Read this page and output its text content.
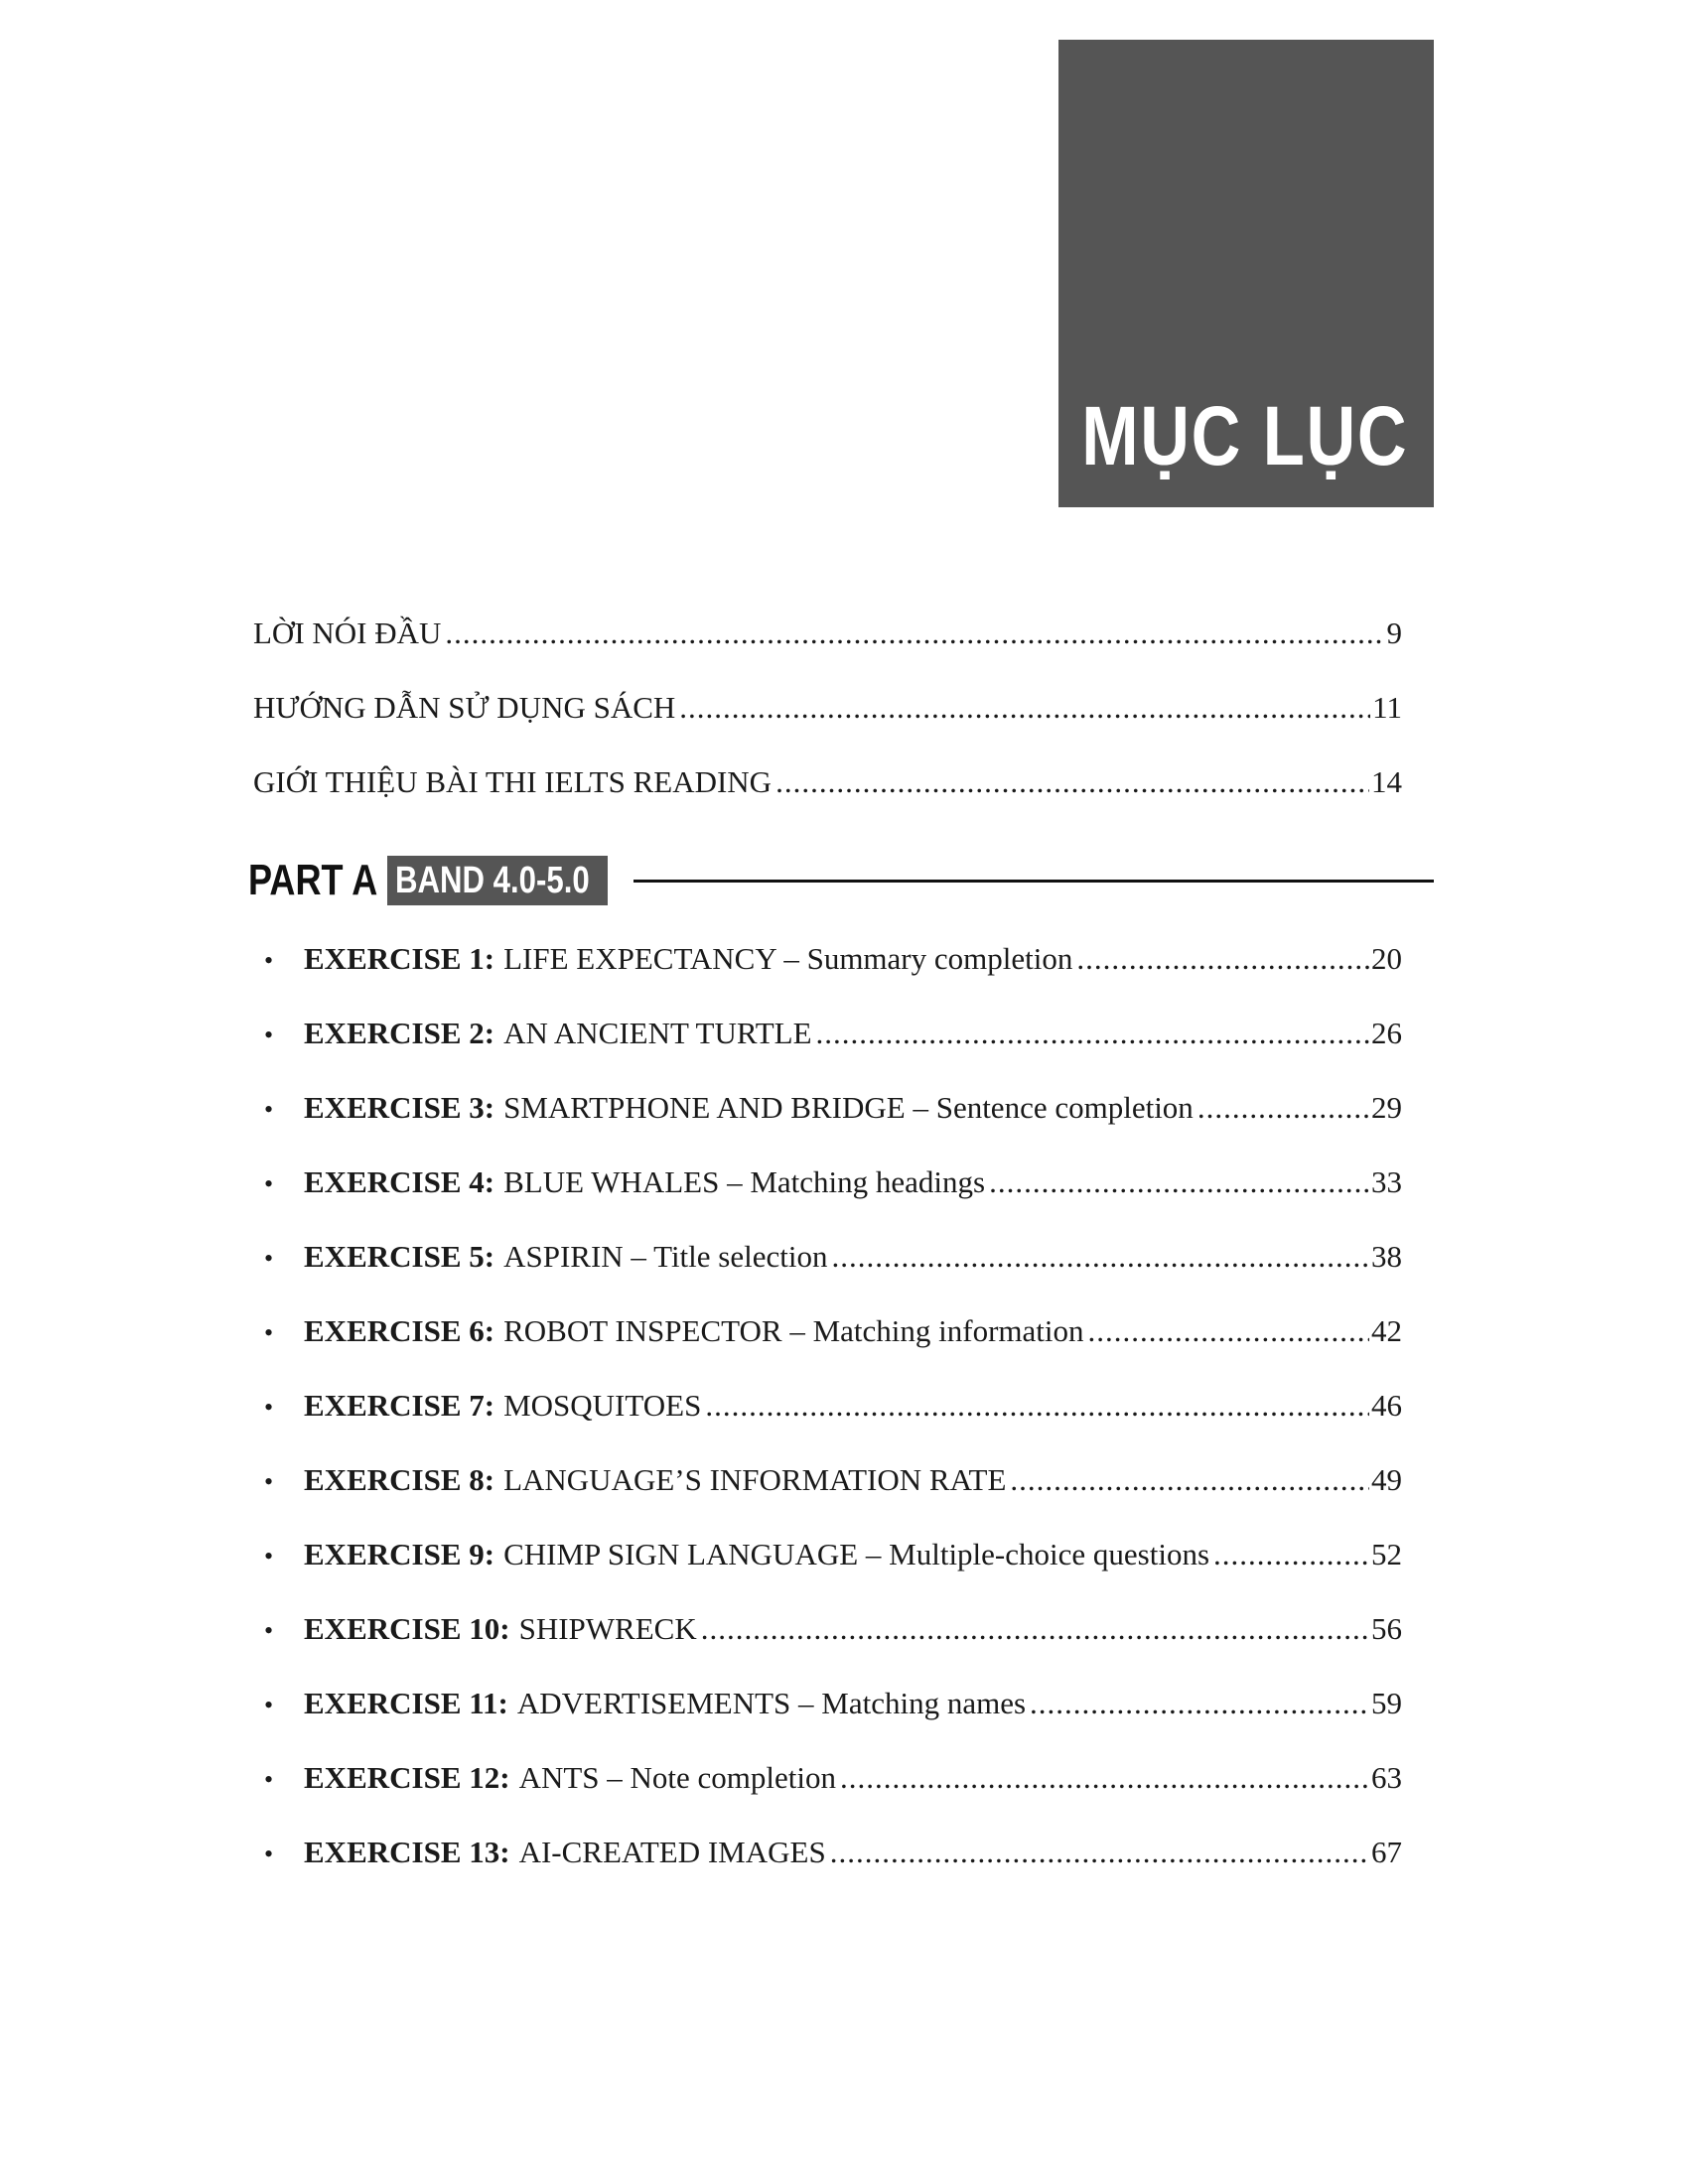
MỤC LỤC
LỜI NÓI ĐẦU .....	9
HƯỚNG DẪN SỬ DỤNG SÁCH .....	11
GIỚI THIỆU BÀI THI IELTS READING .....	14
PART A BAND 4.0-5.0
• EXERCISE 1: LIFE EXPECTANCY – Summary completion .....	20
• EXERCISE 2: AN ANCIENT TURTLE .....	26
• EXERCISE 3: SMARTPHONE AND BRIDGE – Sentence completion .....	29
• EXERCISE 4: BLUE WHALES – Matching headings .....	33
• EXERCISE 5: ASPIRIN – Title selection .....	38
• EXERCISE 6: ROBOT INSPECTOR – Matching information .....	42
• EXERCISE 7: MOSQUITOES .....	46
• EXERCISE 8: LANGUAGE’S INFORMATION RATE .....	49
• EXERCISE 9: CHIMP SIGN LANGUAGE – Multiple-choice questions .....	52
• EXERCISE 10: SHIPWRECK .....	56
• EXERCISE 11: ADVERTISEMENTS – Matching names .....	59
• EXERCISE 12: ANTS – Note completion .....	63
• EXERCISE 13: AI-CREATED IMAGES .....	67
